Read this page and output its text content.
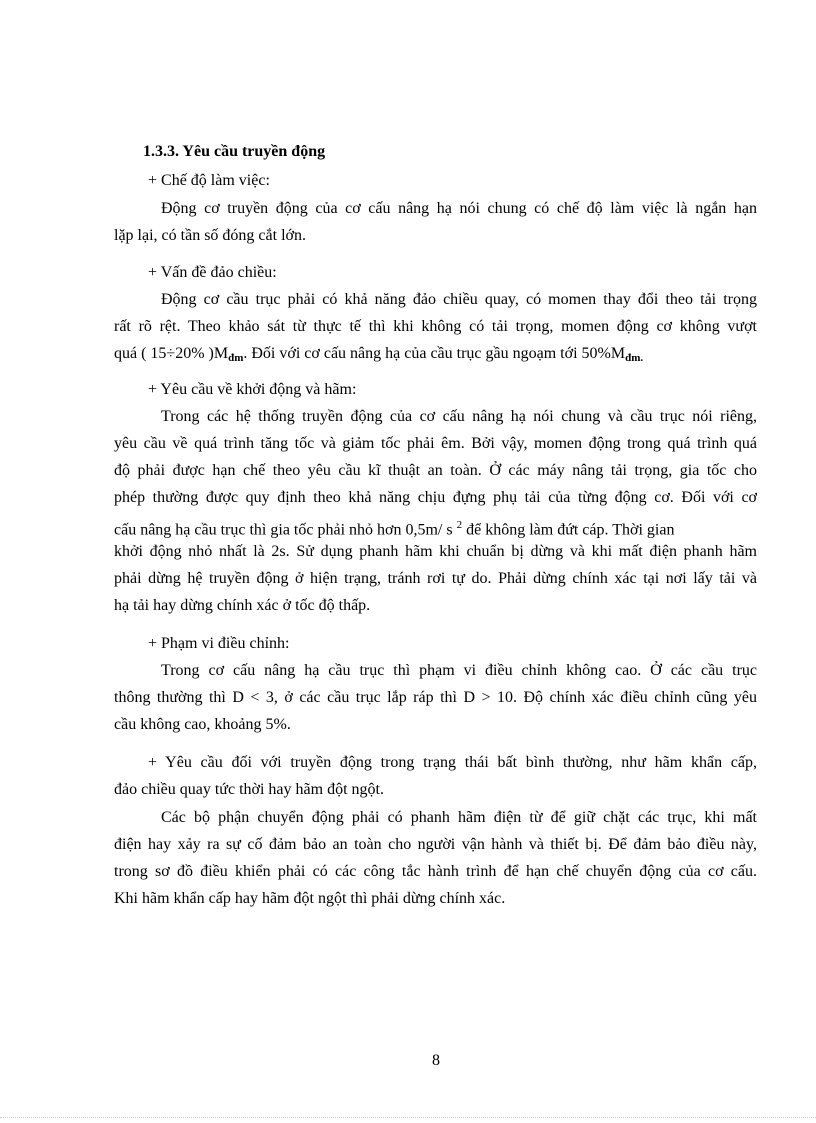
1.3.3. Yêu cầu truyền động
+ Chế độ làm việc:
Động cơ truyền động của cơ cấu nâng hạ nói chung có chế độ làm việc là ngắn hạn
lặp lại, có tần số đóng cắt lớn.
+ Vấn đề đảo chiều:
Động cơ cầu trục phải có khả năng đảo chiều quay, có momen thay đổi theo tải trọng
rất rõ rệt. Theo khảo sát từ thực tế thì khi không có tải trọng, momen động cơ không vượt
quá ( 15÷20% )$M_{đm}$. Đối với cơ cấu nâng hạ của cầu trục gầu ngoạm tới $50\%M_{đm.}$
+ Yêu cầu về khởi động và hãm:
Trong các hệ thống truyền động của cơ cấu nâng hạ nói chung và cầu trục nói riêng,
yêu cầu về quá trình tăng tốc và giảm tốc phải êm. Bởi vậy, momen động trong quá trình quá
độ phải được hạn chế theo yêu cầu kĩ thuật an toàn. Ở các máy nâng tải trọng, gia tốc cho
phép thường được quy định theo khả năng chịu đựng phụ tải của từng động cơ. Đối với cơ
cấu nâng hạ cầu trục thì gia tốc phải nhỏ hơn 0,5m/ s $^2$ để không làm đứt cáp. Thời gian
khởi động nhỏ nhất là 2s. Sử dụng phanh hãm khi chuẩn bị dừng và khi mất điện phanh hãm
phải dừng hệ truyền động ở hiện trạng, tránh rơi tự do. Phải dừng chính xác tại nơi lấy tải và
hạ tải hay dừng chính xác ở tốc độ thấp.
+ Phạm vi điều chỉnh:
Trong cơ cấu nâng hạ cầu trục thì phạm vi điều chỉnh không cao. Ở các cầu trục
thông thường thì D < 3, ở các cầu trục lắp ráp thì D > 10. Độ chính xác điều chỉnh cũng yêu
cầu không cao, khoảng 5%.
+ Yêu cầu đối với truyền động trong trạng thái bất bình thường, như hãm khẩn cấp,
đảo chiều quay tức thời hay hãm đột ngột.
Các bộ phận chuyển động phải có phanh hãm điện từ để giữ chặt các trục, khi mất
điện hay xảy ra sự cố đảm bảo an toàn cho người vận hành và thiết bị. Để đảm bảo điều này,
trong sơ đồ điều khiển phải có các công tắc hành trình để hạn chế chuyển động của cơ cấu.
Khi hãm khẩn cấp hay hãm đột ngột thì phải dừng chính xác.
8
